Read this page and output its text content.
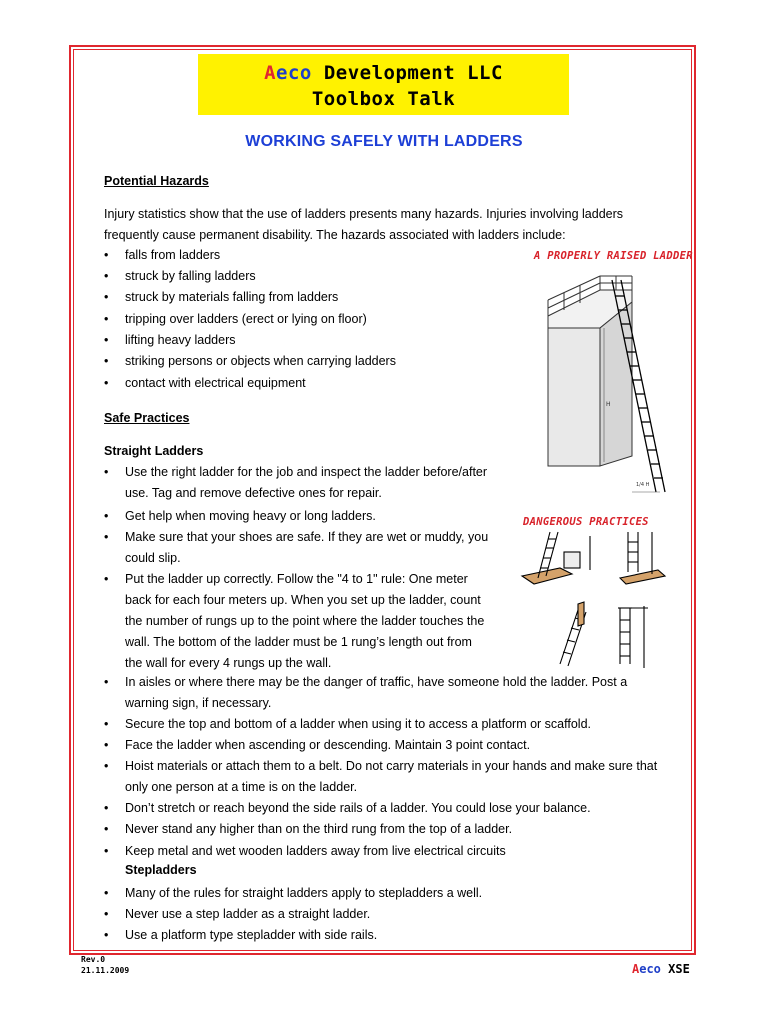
Aeco Development LLC
Toolbox Talk
WORKING SAFELY WITH LADDERS
Potential Hazards
Injury statistics show that the use of ladders presents many hazards. Injuries involving ladders
frequently cause permanent disability. The hazards associated with ladders include:
• falls from ladders
• struck by falling ladders
• struck by materials falling from ladders
• tripping over ladders (erect or lying on floor)
• lifting heavy ladders
• striking persons or objects when carrying ladders
• contact with electrical equipment
Safe Practices
Straight Ladders
• Use the right ladder for the job and inspect the ladder before/after
use. Tag and remove defective ones for repair.
• Get help when moving heavy or long ladders.
• Make sure that your shoes are safe. If they are wet or muddy, you
could slip.
• Put the ladder up correctly. Follow the "4 to 1" rule: One meter
back for each four meters up. When you set up the ladder, count
the number of rungs up to the point where the ladder touches the
wall. The bottom of the ladder must be 1 rung’s length out from
the wall for every 4 rungs up the wall.
• In aisles or where there may be the danger of traffic, have someone hold the ladder. Post a
warning sign, if necessary.
• Secure the top and bottom of a ladder when using it to access a platform or scaffold.
• Face the ladder when ascending or descending. Maintain 3 point contact.
• Hoist materials or attach them to a belt. Do not carry materials in your hands and make sure that
only one person at a time is on the ladder.
• Don’t stretch or reach beyond the side rails of a ladder. You could lose your balance.
• Never stand any higher than on the third rung from the top of a ladder.
• Keep metal and wet wooden ladders away from live electrical circuits
Stepladders
• Many of the rules for straight ladders apply to stepladders a well.
• Never use a step ladder as a straight ladder.
• Use a platform type stepladder with side rails.
A PROPERLY RAISED LADDER
H
1/4 H
DANGEROUS PRACTICES
Rev.0
21.11.2009	Aeco XSE
